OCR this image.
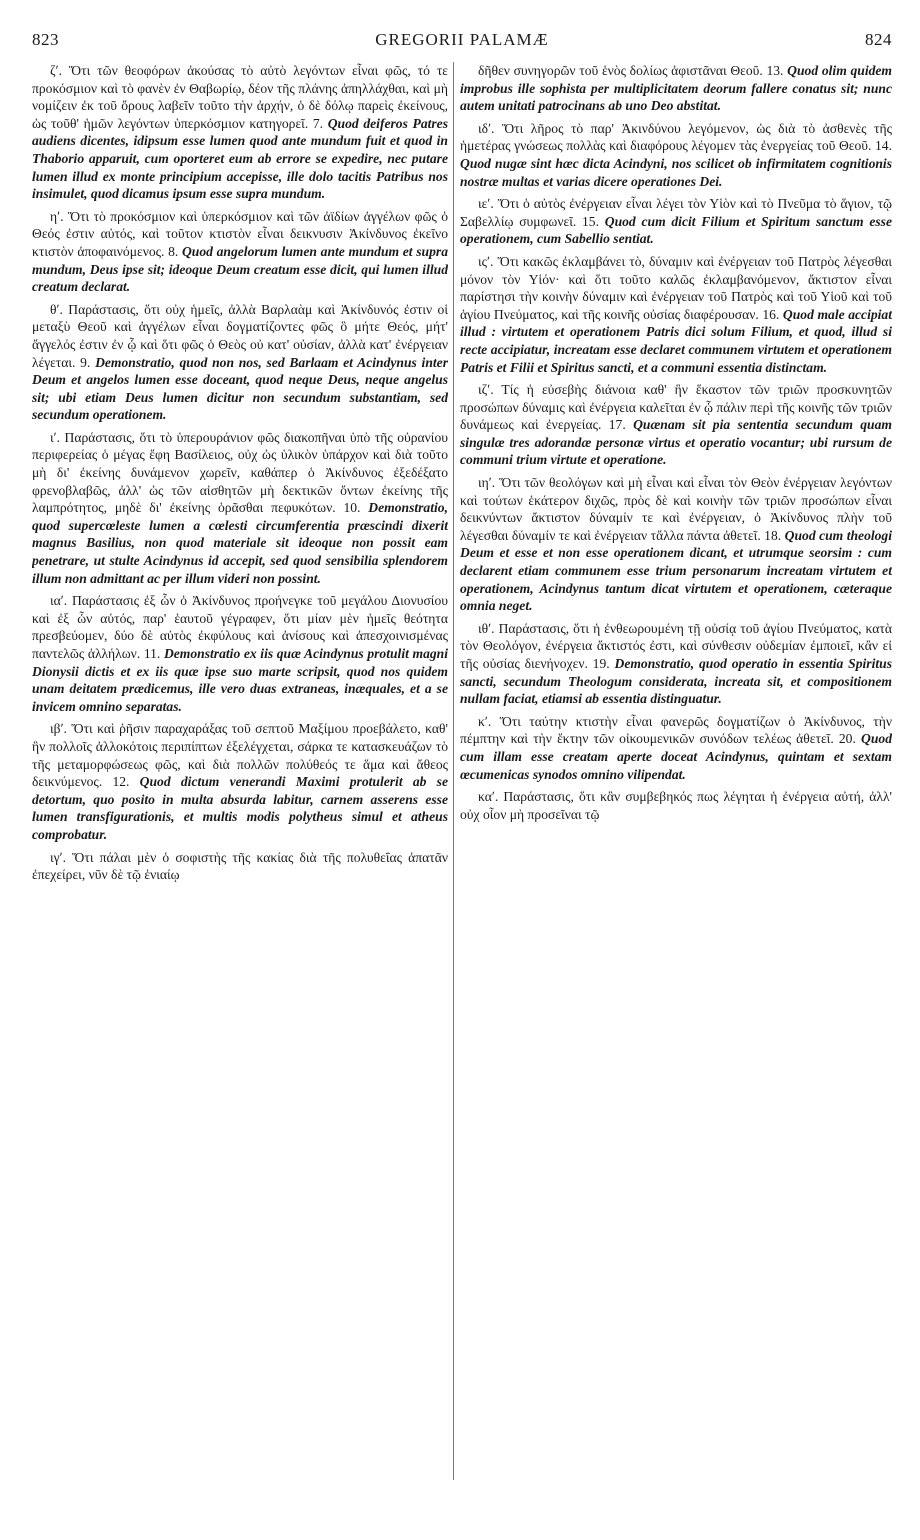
823	GREGORII PALAMÆ	824

ζʹ. Ὅτι τῶν θεοφόρων ἀκούσας τὸ αὐτὸ λεγόντων εἶναι φῶς, τό τε προκόσμιον καὶ τὸ φανὲν ἐν Θαβωρίῳ, δέον τῆς πλάνης ἀπηλλάχθαι, καὶ μὴ νομίζειν ἐκ τοῦ ὄρους λαβεῖν τοῦτο τὴν ἀρχήν, ὁ δὲ δόλῳ παρεὶς ἐκείνους, ὡς τοῦθ' ἡμῶν λεγόντων ὑπερκόσμιον κατηγορεῖ. 7. Quod deiferos Patres audiens dicentes, idipsum esse lumen quod ante mundum fuit et quod in Thaborio apparuit, cum oporteret eum ab errore se expedire, nec putare lumen illud ex monte principium accepisse, ille dolo tacitis Patribus nos insimulet, quod dicamus ipsum esse supra mundum.

ηʹ. Ὅτι τὸ προκόσμιον καὶ ὑπερκόσμιον καὶ τῶν ἀϊδίων ἀγγέλων φῶς ὁ Θεός ἐστιν αὐτός, καὶ τοῦτον κτιστὸν εἶναι δεικνυσιν Ἀκίνδυνος ἐκεῖνο κτιστὸν ἀποφαινόμενος. 8. Quod angelorum lumen ante mundum et supra mundum, Deus ipse sit; ideoque Deum creatum esse dicit, qui lumen illud creatum declarat.

θʹ. Παράστασις, ὅτι οὐχ ἡμεῖς, ἀλλὰ Βαρλαὰμ καὶ Ἀκίνδυνός ἐστιν οἱ μεταξὺ Θεοῦ καὶ ἀγγέλων εἶναι δογματίζοντες φῶς ὃ μήτε Θεός, μήτ' ἄγγελός ἐστιν ἐν ᾧ καὶ ὅτι φῶς ὁ Θεὸς οὐ κατ' οὐσίαν, ἀλλὰ κατ' ἐνέργειαν λέγεται. 9. Demonstratio, quod non nos, sed Barlaam et Acindynus inter Deum et angelos lumen esse doceant, quod neque Deus, neque angelus sit; ubi etiam Deus lumen dicitur non secundum substantiam, sed secundum operationem.

ιʹ. Παράστασις, ὅτι τὸ ὑπερουράνιον φῶς διακοπῆναι ὑπὸ τῆς οὐρανίου περιφερείας ὁ μέγας ἔφη Βασίλειος, οὐχ ὡς ὑλικὸν ὑπάρχον καὶ διὰ τοῦτο μὴ δι' ἐκείνης δυνάμενον χωρεῖν, καθάπερ ὁ Ἀκίνδυνος ἐξεδέξατο φρενοβλαβῶς, ἀλλ' ὡς τῶν αἰσθητῶν μὴ δεκτικῶν ὄντων ἐκείνης τῆς λαμπρότητος, μηδὲ δι' ἐκείνης ὁρᾶσθαι πεφυκότων. 10. Demonstratio, quod supercœleste lumen a cœlesti circumferentia præscindi dixerit magnus Basilius, non quod materiale sit ideoque non possit eam penetrare, ut stulte Acindynus id accepit, sed quod sensibilia splendorem illum non admittant ac per illum videri non possint.

ιαʹ. Παράστασις ἐξ ὧν ὁ Ἀκίνδυνος προήνεγκε τοῦ μεγάλου Διονυσίου καὶ ἐξ ὧν αὐτός, παρ' ἑαυτοῦ γέγραφεν, ὅτι μίαν μὲν ἡμεῖς θεότητα πρεσβεύομεν, δύο δὲ αὐτὸς ἐκφύλους καὶ ἀνίσους καὶ ἀπεσχοινισμένας παντελῶς ἀλλήλων. 11. Demonstratio ex iis quæ Acindynus protulit magni Dionysii dictis et ex iis quæ ipse suo marte scripsit, quod nos quidem unam deitatem prædicemus, ille vero duas extraneas, inæquales, et a se invicem omnino separatas.

ιβʹ. Ὅτι καὶ ῥῆσιν παραχαράξας τοῦ σεπτοῦ Μαξίμου προεβάλετο, καθ' ἣν πολλοῖς ἀλλοκότοις περιπίπτων ἐξελέγχεται, σάρκα τε κατασκευάζων τὸ τῆς μεταμορφώσεως φῶς, καὶ διὰ πολλῶν πολύθεός τε ἅμα καὶ ἄθεος δεικνύμενος. 12. Quod dictum venerandi Maximi protulerit ab se detortum, quo posito in multa absurda labitur, carnem asserens esse lumen transfigurationis, et multis modis polytheus simul et atheus comprobatur.

ιγʹ. Ὅτι πάλαι μὲν ὁ σοφιστὴς τῆς κακίας διὰ τῆς πολυθεΐας ἀπατᾶν ἐπεχείρει, νῦν δὲ τῷ ἑνιαίῳ

δῆθεν συνηγορῶν τοῦ ἑνὸς δολίως ἀφιστᾶναι Θεοῦ. 13. Quod olim quidem improbus ille sophista per multiplicitatem deorum fallere conatus sit; nunc autem unitati patrocinans ab uno Deo abstitat.

ιδʹ. Ὅτι λῆρος τὸ παρ' Ἀκινδύνου λεγόμενον, ὡς διὰ τὸ ἀσθενὲς τῆς ἡμετέρας γνώσεως πολλὰς καὶ διαφόρους λέγομεν τὰς ἐνεργείας τοῦ Θεοῦ. 14. Quod nugæ sint hæc dicta Acindyni, nos scilicet ob infirmitatem cognitionis nostræ multas et varias dicere operationes Dei.

ιεʹ. Ὅτι ὁ αὐτὸς ἐνέργειαν εἶναι λέγει τὸν Υἱὸν καὶ τὸ Πνεῦμα τὸ ἅγιον, τῷ Σαβελλίῳ συμφωνεῖ. 15. Quod cum dicit Filium et Spiritum sanctum esse operationem, cum Sabellio sentiat.

ιςʹ. Ὅτι κακῶς ἐκλαμβάνει τὸ, δύναμιν καὶ ἐνέργειαν τοῦ Πατρὸς λέγεσθαι μόνον τὸν Υἱόν· καὶ ὅτι τοῦτο καλῶς ἐκλαμβανόμενον, ἄκτιστον εἶναι παρίστησι τὴν κοινὴν δύναμιν καὶ ἐνέργειαν τοῦ Πατρὸς καὶ τοῦ Υἱοῦ καὶ τοῦ ἁγίου Πνεύματος, καὶ τῆς κοινῆς οὐσίας διαφέρουσαν. 16. Quod male accipiat illud : virtutem et operationem Patris dici solum Filium, et quod, illud si recte accipiatur, increatam esse declaret communem virtutem et operationem Patris et Filii et Spiritus sancti, et a communi essentia distinctam.

ιζʹ. Τίς ἡ εὐσεβὴς διάνοια καθ' ἣν ἕκαστον τῶν τριῶν προσκυνητῶν προσώπων δύναμις καὶ ἐνέργεια καλεῖται ἐν ᾧ πάλιν περὶ τῆς κοινῆς τῶν τριῶν δυνάμεως καὶ ἐνεργείας. 17. Quænam sit pia sententia secundum quam singulæ tres adorandæ personæ virtus et operatio vocantur; ubi rursum de communi trium virtute et operatione.

ιηʹ. Ὅτι τῶν θεολόγων καὶ μὴ εἶναι καὶ εἶναι τὸν Θεὸν ἐνέργειαν λεγόντων καὶ τούτων ἑκάτερον διχῶς, πρὸς δὲ καὶ κοινὴν τῶν τριῶν προσώπων εἶναι δεικνύντων ἄκτιστον δύναμίν τε καὶ ἐνέργειαν, ὁ Ἀκίνδυνος πλὴν τοῦ λέγεσθαι δύναμίν τε καὶ ἐνέργειαν τἄλλα πάντα ἀθετεῖ. 18. Quod cum theologi Deum et esse et non esse operationem dicant, et utrumque seorsim : cum declarent etiam communem esse trium personarum increatam virtutem et operationem, Acindynus tantum dicat virtutem et operationem, cæteraque omnia neget.

ιθʹ. Παράστασις, ὅτι ἡ ἐνθεωρουμένη τῇ οὐσίᾳ τοῦ ἁγίου Πνεύματος, κατὰ τὸν Θεολόγον, ἐνέργεια ἄκτιστός ἐστι, καὶ σύνθεσιν οὐδεμίαν ἐμποιεῖ, κἂν εἰ τῆς οὐσίας διενήνοχεν. 19. Demonstratio, quod operatio in essentia Spiritus sancti, secundum Theologum considerata, increata sit, et compositionem nullam faciat, etiamsi ab essentia distinguatur.

κʹ. Ὅτι ταύτην κτιστὴν εἶναι φανερῶς δογματίζων ὁ Ἀκίνδυνος, τὴν πέμπτην καὶ τὴν ἕκτην τῶν οἰκουμενικῶν συνόδων τελέως ἀθετεῖ. 20. Quod cum illam esse creatam aperte doceat Acindynus, quintam et sextam œcumenicas synodos omnino vilipendat.

καʹ. Παράστασις, ὅτι κἂν συμβεβηκός πως λέγηται ἡ ἐνέργεια αὐτή, ἀλλ' οὐχ οἷον μὴ προσεῖναι τῷ
